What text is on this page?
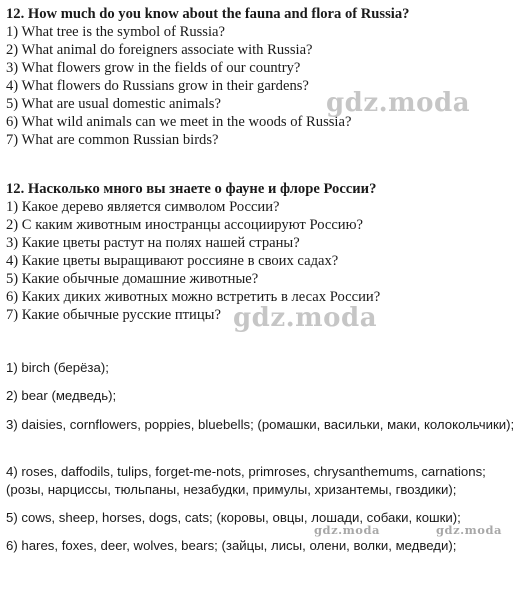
12. How much do you know about the fauna and flora of Russia?
1) What tree is the symbol of Russia?
2) What animal do foreigners associate with Russia?
3) What flowers grow in the fields of our country?
4) What flowers do Russians grow in their gardens?
5) What are usual domestic animals?
6) What wild animals can we meet in the woods of Russia?
7) What are common Russian birds?
12. Насколько много вы знаете о фауне и флоре России?
1) Какое дерево является символом России?
2) С каким животным иностранцы ассоциируют Россию?
3) Какие цветы растут на полях нашей страны?
4) Какие цветы выращивают россияне в своих садах?
5) Какие обычные домашние животные?
6) Каких диких животных можно встретить в лесах России?
7) Какие обычные русские птицы?
1) birch (берёза);
2) bear (медведь);
3) daisies, cornflowers, poppies, bluebells; (ромашки, васильки, маки, колокольчики);
4) roses, daffodils, tulips, forget-me-nots, primroses, chrysanthemums, carnations; (розы, нарциссы, тюльпаны, незабудки, примулы, хризантемы, гвоздики);
5) cows, sheep, horses, dogs, cats; (коровы, овцы, лошади, собаки, кошки);
6) hares, foxes, deer, wolves, bears; (зайцы, лисы, олени, волки, медведи);
gdz.moda
gdz.moda
gdz.moda	gdz.moda
